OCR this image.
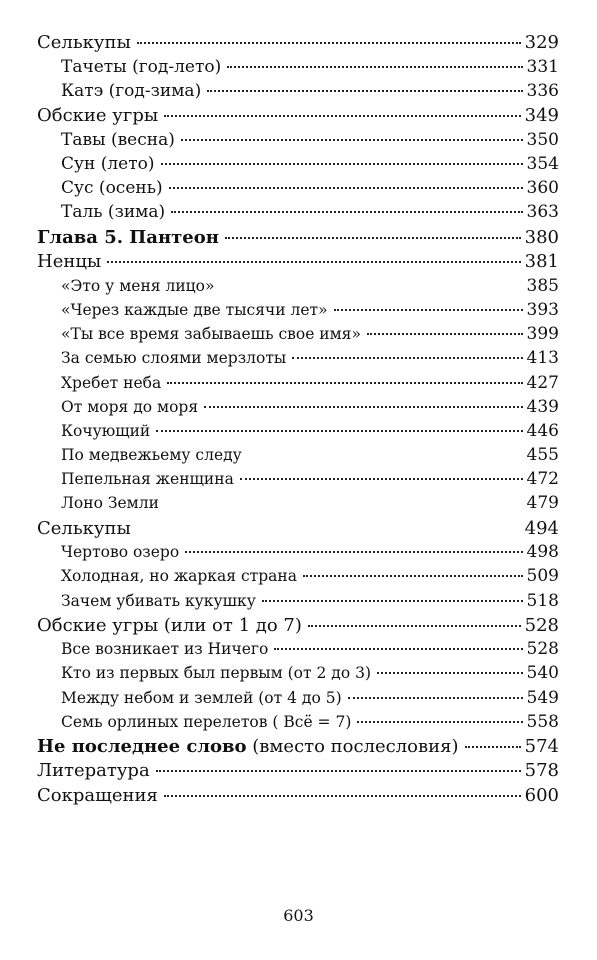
Селькупы	329
Тачеты (год-лето)	331
Катэ (год-зима)	336
Обские угры	349
Тавы (весна)	350
Сун (лето)	354
Сус (осень)	360
Таль (зима)	363
Глава 5. Пантеон	380
Ненцы	381
«Это у меня лицо»	385
«Через каждые две тысячи лет»	393
«Ты все время забываешь свое имя»	399
За семью слоями мерзлоты	413
Хребет неба	427
От моря до моря	439
Кочующий	446
По медвежьему следу	455
Пепельная женщина	472
Лоно Земли	479
Селькупы	494
Чертово озеро	498
Холодная, но жаркая страна	509
Зачем убивать кукушку	518
Обские угры (или от 1 до 7)	528
Все возникает из Ничего	528
Кто из первых был первым (от 2 до 3)	540
Между небом и землей (от 4 до 5)	549
Семь орлиных перелетов ( Всё = 7)	558
Не последнее слово (вместо послесловия)	574
Литература	578
Сокращения	600
603
